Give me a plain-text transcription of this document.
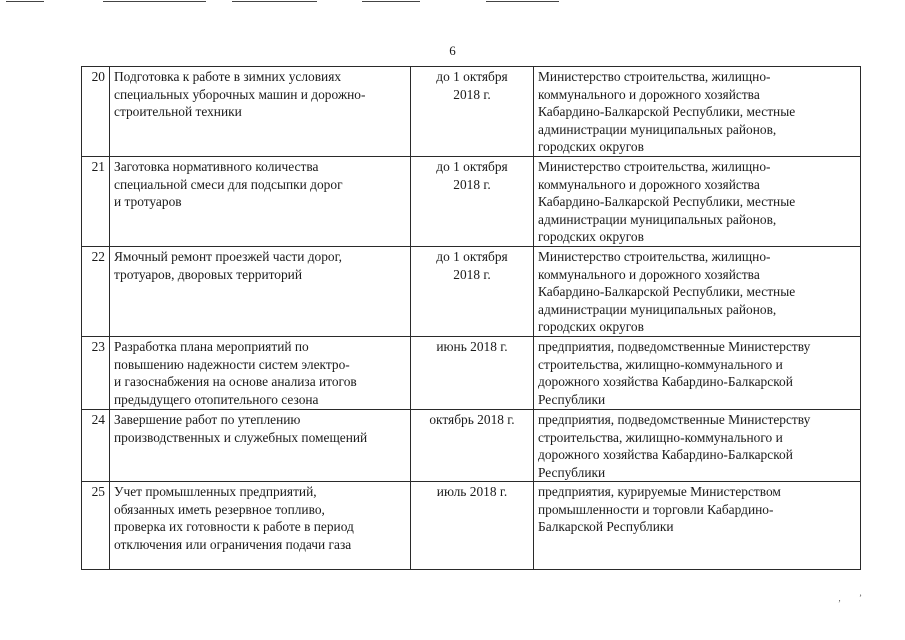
6
20	Подготовка к работе в зимних условиях
специальных уборочных машин и дорожно-
строительной техники	до 1 октября
2018 г.	Министерство строительства, жилищно-
коммунального и дорожного хозяйства
Кабардино-Балкарской Республики, местные
администрации муниципальных районов,
городских округов
21	Заготовка нормативного количества
специальной смеси для подсыпки дорог
и тротуаров	до 1 октября
2018 г.	Министерство строительства, жилищно-
коммунального и дорожного хозяйства
Кабардино-Балкарской Республики, местные
администрации муниципальных районов,
городских округов
22	Ямочный ремонт проезжей части дорог,
тротуаров, дворовых территорий	до 1 октября
2018 г.	Министерство строительства, жилищно-
коммунального и дорожного хозяйства
Кабардино-Балкарской Республики, местные
администрации муниципальных районов,
городских округов
23	Разработка плана мероприятий по
повышению надежности систем электро-
и газоснабжения на основе анализа итогов
предыдущего отопительного сезона	июнь 2018 г.	предприятия, подведомственные Министерству
строительства, жилищно-коммунального и
дорожного хозяйства Кабардино-Балкарской
Республики
24	Завершение работ по утеплению
производственных и служебных помещений	октябрь 2018 г.	предприятия, подведомственные Министерству
строительства, жилищно-коммунального и
дорожного хозяйства Кабардино-Балкарской
Республики
25	Учет промышленных предприятий,
обязанных иметь резервное топливо,
проверка их готовности к работе в период
отключения или ограничения подачи газа	июль 2018 г.	предприятия, курируемые Министерством
промышленности и торговли Кабардино-
Балкарской Республики
‚’
